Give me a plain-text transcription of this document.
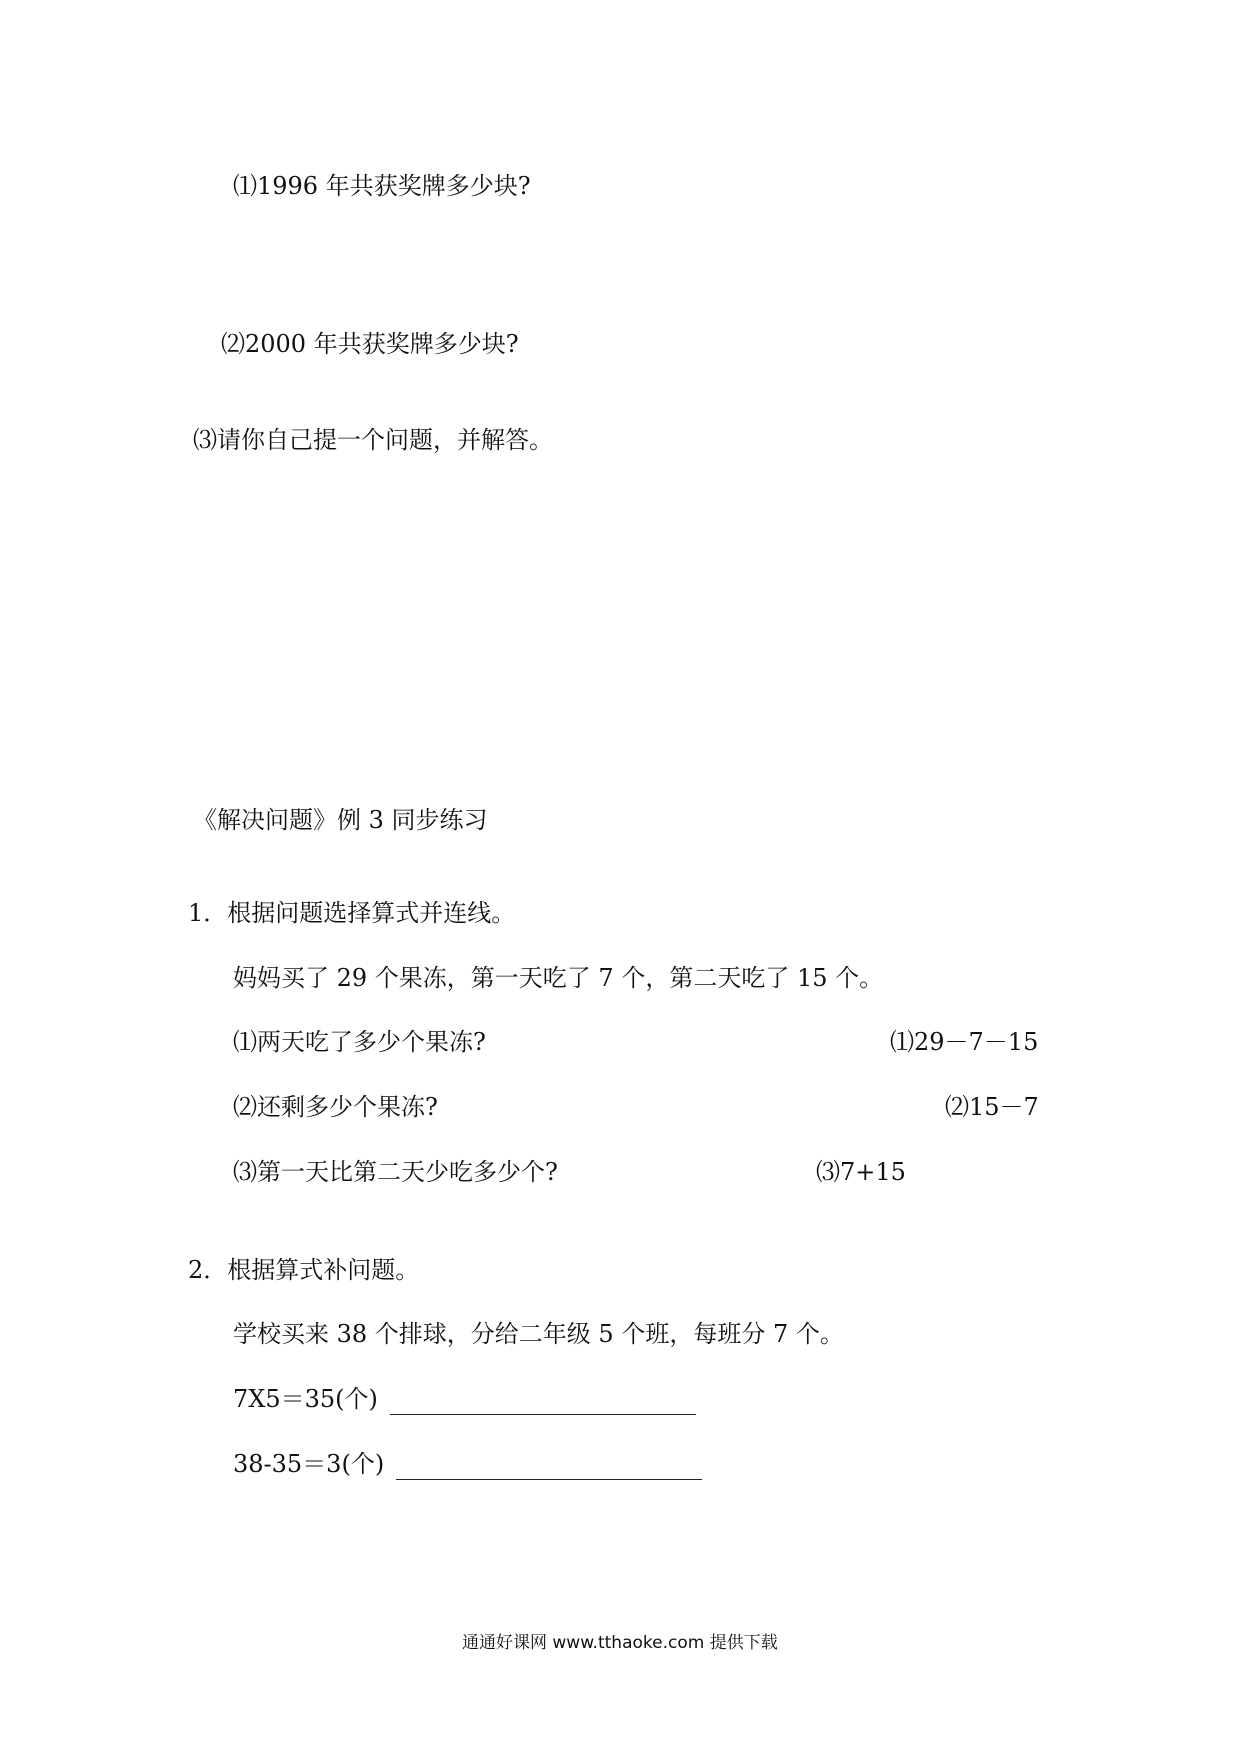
⑴1996 年共获奖牌多少块?
⑵2000 年共获奖牌多少块?
⑶请你自己提一个问题，并解答。
《解决问题》例 3 同步练习
1．根据问题选择算式并连线。
妈妈买了 29 个果冻，第一天吃了 7 个，第二天吃了 15 个。
⑴两天吃了多少个果冻?
⑵还剩多少个果冻?
⑶第一天比第二天少吃多少个?
⑴29－7－15
⑵15－7
⑶7+15
2．根据算式补问题。
学校买来 38 个排球，分给二年级 5 个班，每班分 7 个。
7X5＝35(个)
38-35＝3(个)
通通好课网 www.tthaoke.com 提供下载
